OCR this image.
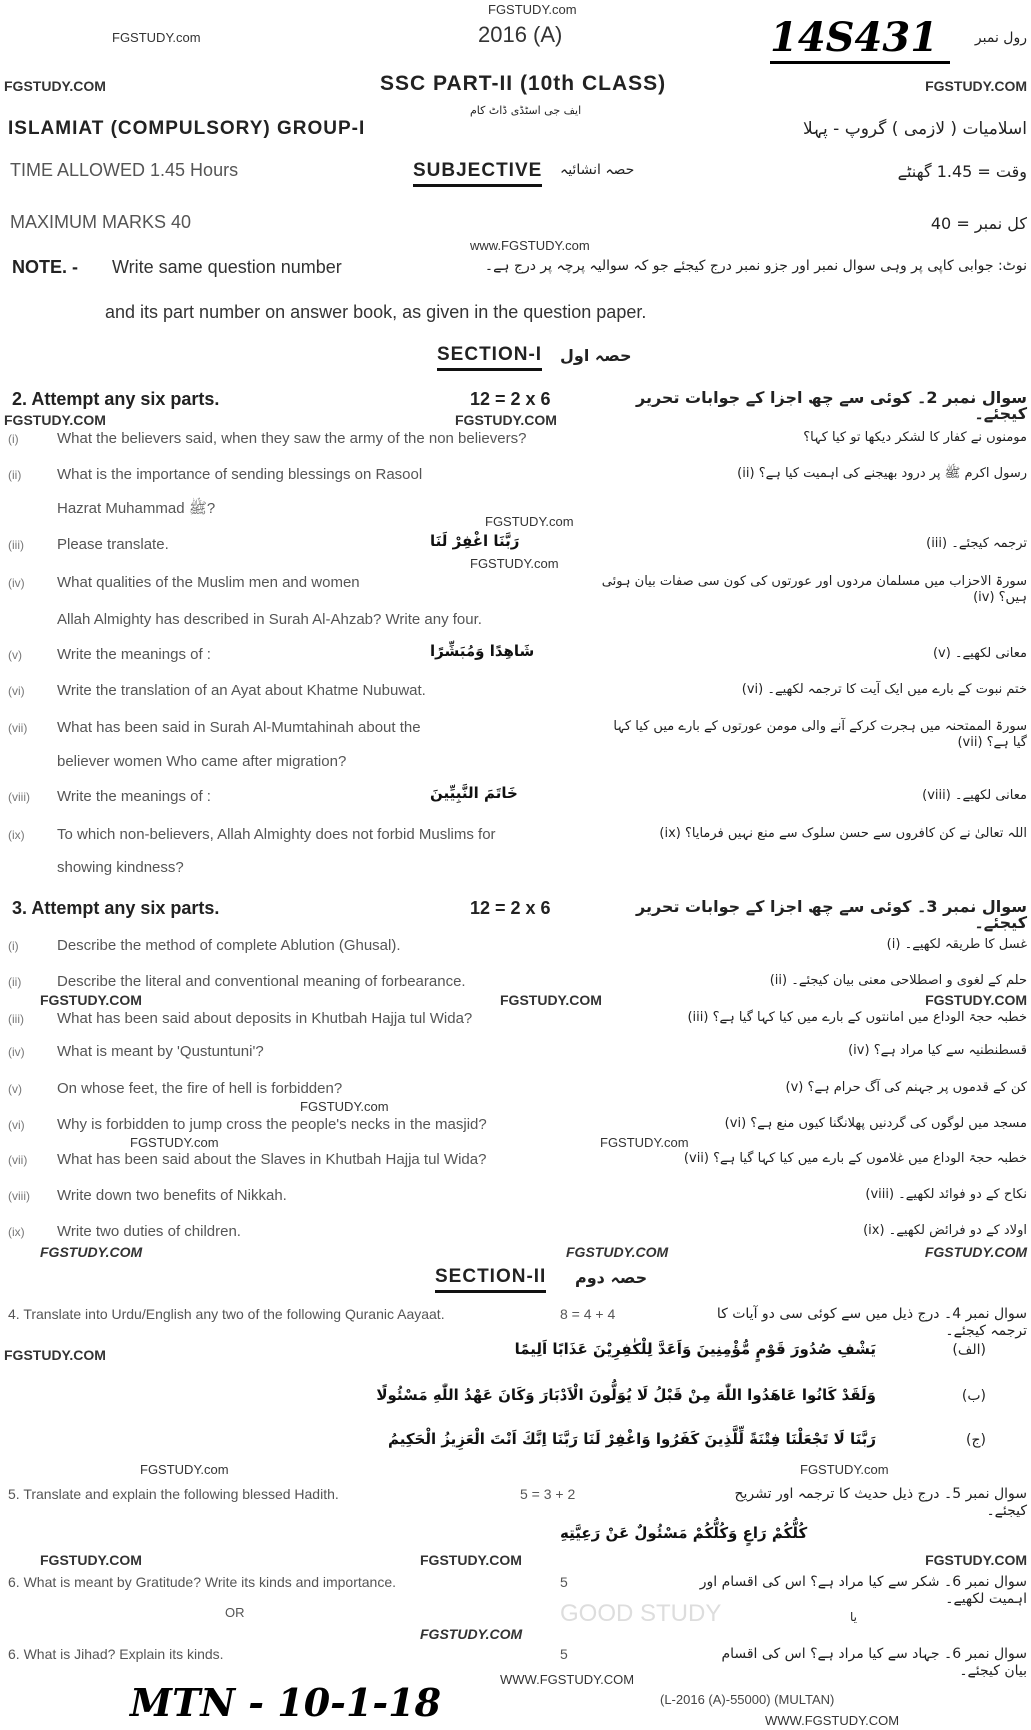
FGSTUDY.com
FGSTUDY.com
FGSTUDY.COM	FGSTUDY.COM
www.FGSTUDY.com
FGSTUDY.COM	FGSTUDY.COM
FGSTUDY.com
FGSTUDY.com
FGSTUDY.COM	FGSTUDY.COM	FGSTUDY.COM
GOOD STUDY
FGSTUDY.com
FGSTUDY.com	FGSTUDY.com
FGSTUDY.COM	FGSTUDY.COM	FGSTUDY.COM
FGSTUDY.COM
FGSTUDY.com	FGSTUDY.com
FGSTUDY.COM	FGSTUDY.COM	FGSTUDY.COM
FGSTUDY.COM
WWW.FGSTUDY.COM
2016 (A)	14S431	رول نمبر
SSC PART-II (10th CLASS)
ایف جی اسٹڈی ڈاٹ کام
ISLAMIAT (COMPULSORY) GROUP-I	اسلامیات ( لازمی ) گروپ - پہلا
TIME ALLOWED 1.45 Hours	SUBJECTIVE حصہ انشائیہ	وقت = 1.45 گھنٹے
MAXIMUM MARKS 40	کل نمبر = 40
NOTE. - Write same question number	نوٹ: جوابی کاپی پر وہی سوال نمبر اور جزو نمبر درج کیجئے جو کہ سوالیہ پرچہ پر درج ہے۔
and its part number on answer book, as given in the question paper.
SECTION-I حصہ اول
2. Attempt any six parts.	12 = 2 x 6	سوال نمبر 2۔ کوئی سے چھ اجزا کے جوابات تحریر کیجئے۔
(i)	What the believers said, when they saw the army of the non believers?	مومنوں نے کفار کا لشکر دیکھا تو کیا کہا؟
(ii) What is the importance of sending blessings on Rasool	رسول اکرم ﷺ پر درود بھیجنے کی اہمیت کیا ہے؟ (ii)
Hazrat Muhammad ﷺ?
(iii) Please translate.	رَبَّنَا اغْفِرْ لَنَا	ترجمہ کیجئے۔ (iii)
(iv) What qualities of the Muslim men and women	سورۃ الاحزاب میں مسلمان مردوں اور عورتوں کی کون سی صفات بیان ہوئی ہیں؟ (iv)
Allah Almighty has described in Surah Al-Ahzab? Write any four.
(v) Write the meanings of :	شَاهِدًا وَمُبَشِّرًا	معانی لکھیے۔ (v)
(vi) Write the translation of an Ayat about Khatme Nubuwat.	ختم نبوت کے بارے میں ایک آیت کا ترجمہ لکھیے۔ (vi)
(vii) What has been said in Surah Al-Mumtahinah about the	سورۃ الممتحنہ میں ہجرت کرکے آنے والی مومن عورتوں کے بارے میں کیا کہا گیا ہے؟ (vii)
believer women Who came after migration?
(viii) Write the meanings of :	خَاتَمَ النَّبِيِّينَ	معانی لکھیے۔ (viii)
(ix) To which non-believers, Allah Almighty does not forbid Muslims for	اللہ تعالیٰ نے کن کافروں سے حسن سلوک سے منع نہیں فرمایا؟ (ix)
showing kindness?
3. Attempt any six parts.	12 = 2 x 6	سوال نمبر 3۔ کوئی سے چھ اجزا کے جوابات تحریر کیجئے۔
(i)	Describe the method of complete Ablution (Ghusal).	غسل کا طریقہ لکھیے۔ (i)
(ii) Describe the literal and conventional meaning of forbearance.	حلم کے لغوی و اصطلاحی معنی بیان کیجئے۔ (ii)
(iii) What has been said about deposits in Khutbah Hajja tul Wida?	خطبہ حجۃ الوداع میں امانتوں کے بارے میں کیا کہا گیا ہے؟ (iii)
(iv) What is meant by 'Qustuntuni'?	قسطنطنیہ سے کیا مراد ہے؟ (iv)
(v) On whose feet, the fire of hell is forbidden?	کن کے قدموں پر جہنم کی آگ حرام ہے؟ (v)
(vi) Why is forbidden to jump cross the people's necks in the masjid?	مسجد میں لوگوں کی گردنیں پھلانگنا کیوں منع ہے؟ (vi)
(vii) What has been said about the Slaves in Khutbah Hajja tul Wida?	خطبہ حجۃ الوداع میں غلاموں کے بارے میں کیا کہا گیا ہے؟ (vii)
(viii) Write down two benefits of Nikkah.	نکاح کے دو فوائد لکھیے۔ (viii)
(ix) Write two duties of children.	اولاد کے دو فرائض لکھیے۔ (ix)
SECTION-II حصہ دوم
4. Translate into Urdu/English any two of the following Quranic Aayaat.	8 = 4 + 4	سوال نمبر 4۔ درج ذیل میں سے کوئی سی دو آیات کا ترجمہ کیجئے۔
يَشْفِ صُدُورَ قَوْمٍ مُّؤْمِنِينَ وَاَعَدَّ لِلْكٰفِرِيْنَ عَذَابًا اَلِيمًا	(الف)
وَلَقَدْ كَانُوا عَاهَدُوا اللّٰهَ مِنْ قَبْلُ لَا يُوَلُّونَ الْاَدْبَارَ وَكَانَ عَهْدُ اللّٰهِ مَسْئُولًا	(ب)
رَبَّنَا لَا تَجْعَلْنَا فِتْنَةً لِّلَّذِينَ كَفَرُوا وَاغْفِرْ لَنَا رَبَّنَا اِنَّكَ اَنْتَ الْعَزِيزُ الْحَكِيمُ	(ج)
5. Translate and explain the following blessed Hadith.	5 = 3 + 2	سوال نمبر 5۔ درج ذیل حدیث کا ترجمہ اور تشریح کیجئے۔
كُلُّكُمْ رَاعٍ وَكُلُّكُمْ مَسْئُولٌ عَنْ رَعِيَّتِهِ
6. What is meant by Gratitude? Write its kinds and importance.	5	سوال نمبر 6۔ شکر سے کیا مراد ہے؟ اس کی اقسام اور اہمیت لکھیے۔
OR	یا
6. What is Jihad? Explain its kinds.	5	سوال نمبر 6۔ جہاد سے کیا مراد ہے؟ اس کی اقسام بیان کیجئے۔
MTN - 10-1-18
WWW.FGSTUDY.COM
(L-2016 (A)-55000) (MULTAN)
